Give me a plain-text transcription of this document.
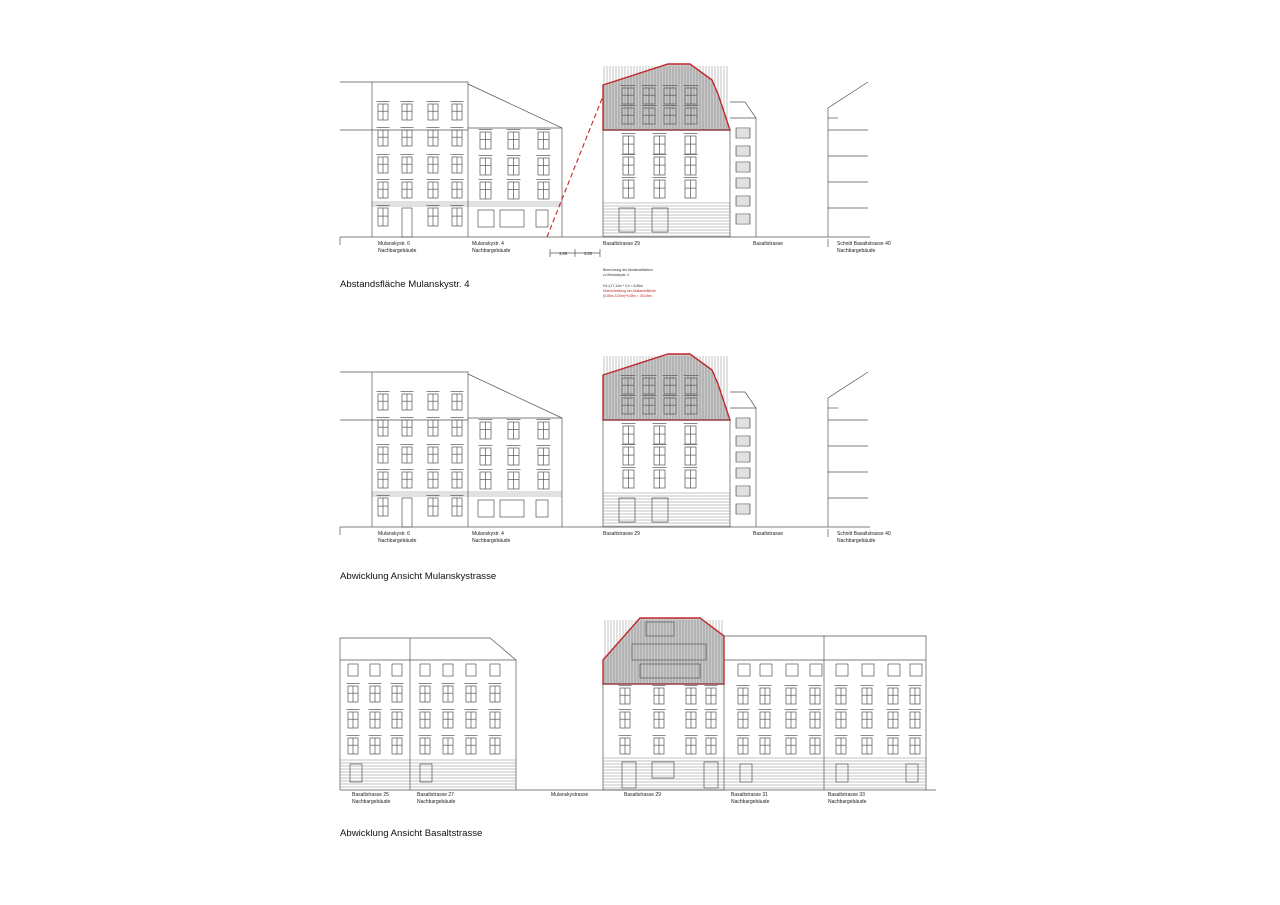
Mulanskystr. 6
Nachbargebäude
Mulanskystr. 4
Nachbargebäude
Basaltstrasse 29	Basaltstrasse	Schnitt Basaltstrasse 40
Nachbargebäude
3,85	3,00
Berechnung der Abstandsflächen
zu Mulanskystr. 4
H1=(17,14m * 0,4 = 6,86m
Überschreitung der Abstandsfläche
(6,86m-3,00m)*9,08m = 35,05m²
Abstandsfläche Mulanskystr. 4
Mulanskystr. 6
Nachbargebäude
Mulanskystr. 4
Nachbargebäude
Basaltstrasse 29	Basaltstrasse	Schnitt Basaltstrasse 40
Nachbargebäude
Abwicklung Ansicht Mulanskystrasse
Basaltstrasse 25
Nachbargebäude
Basaltstrasse 27
Nachbargebäude
Mulanskystrasse	Basaltstrasse 29	Basaltstrasse 31
Nachbargebäude
Basaltstrasse 33
Nachbargebäude
Abwicklung Ansicht Basaltstrasse
